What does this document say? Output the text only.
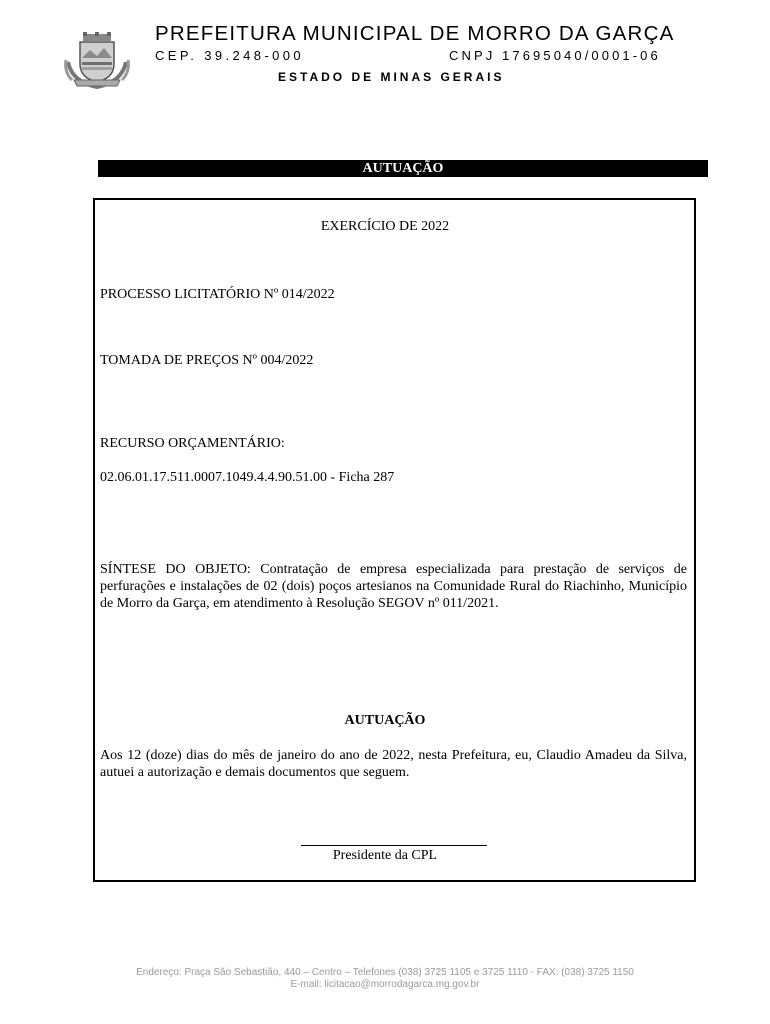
PREFEITURA MUNICIPAL DE MORRO DA GARÇA
CEP. 39.248-000	CNPJ 17695040/0001-06
ESTADO DE MINAS GERAIS
AUTUAÇÃO
EXERCÍCIO DE 2022
PROCESSO LICITATÓRIO Nº 014/2022
TOMADA DE PREÇOS Nº 004/2022
RECURSO ORÇAMENTÁRIO:
02.06.01.17.511.0007.1049.4.4.90.51.00 - Ficha 287
SÍNTESE DO OBJETO: Contratação de empresa especializada para prestação de serviços de perfurações e instalações de 02 (dois) poços artesianos na Comunidade Rural do Riachinho, Município de Morro da Garça, em atendimento à Resolução SEGOV nº 011/2021.
AUTUAÇÃO
Aos 12 (doze) dias do mês de janeiro do ano de 2022, nesta Prefeitura, eu, Claudio Amadeu da Silva, autuei a autorização e demais documentos que seguem.
Presidente da CPL
Endereço: Praça São Sebastião, 440 – Centro – Telefones (038) 3725 1105 e 3725 1110 - FAX: (038) 3725 1150
E-mail: licitacao@morrodagarca.mg.gov.br
